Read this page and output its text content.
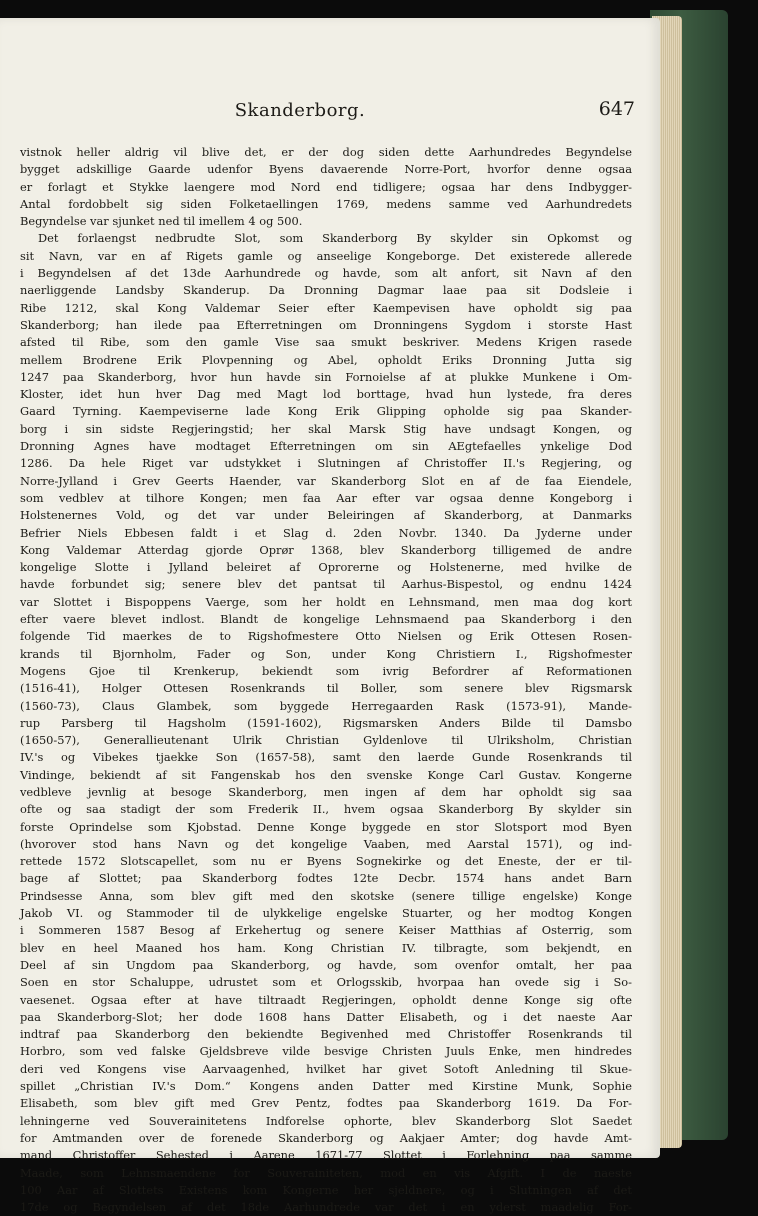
Skanderborg.	647
vistnok heller aldrig vil blive det, er der dog siden dette Aarhundredes Begyndelse
bygget adskillige Gaarde udenfor Byens davaerende Norre-Port, hvorfor denne ogsaa
er forlagt et Stykke laengere mod Nord end tidligere; ogsaa har dens Indbygger-
Antal fordobbelt sig siden Folketaellingen 1769, medens samme ved Aarhundredets
Begyndelse var sjunket ned til imellem 4 og 500.
Det forlaengst nedbrudte Slot, som Skanderborg By skylder sin Opkomst og
sit Navn, var en af Rigets gamle og anseelige Kongeborge. Det existerede allerede
i Begyndelsen af det 13de Aarhundrede og havde, som alt anfort, sit Navn af den
naerliggende Landsby Skanderup. Da Dronning Dagmar laae paa sit Dodsleie i
Ribe 1212, skal Kong Valdemar Seier efter Kaempevisen have opholdt sig paa
Skanderborg; han ilede paa Efterretningen om Dronningens Sygdom i storste Hast
afsted til Ribe, som den gamle Vise saa smukt beskriver. Medens Krigen rasede
mellem Brodrene Erik Plovpenning og Abel, opholdt Eriks Dronning Jutta sig
1247 paa Skanderborg, hvor hun havde sin Fornoielse af at plukke Munkene i Om-
Kloster, idet hun hver Dag med Magt lod borttage, hvad hun lystede, fra deres
Gaard Tyrning. Kaempeviserne lade Kong Erik Glipping opholde sig paa Skander-
borg i sin sidste Regjeringstid; her skal Marsk Stig have undsagt Kongen, og
Dronning Agnes have modtaget Efterretningen om sin AEgtefaelles ynkelige Dod
1286. Da hele Riget var udstykket i Slutningen af Christoffer II.'s Regjering, og
Norre-Jylland i Grev Geerts Haender, var Skanderborg Slot en af de faa Eiendele,
som vedblev at tilhore Kongen; men faa Aar efter var ogsaa denne Kongeborg i
Holstenernes Vold, og det var under Beleiringen af Skanderborg, at Danmarks
Befrier Niels Ebbesen faldt i et Slag d. 2den Novbr. 1340. Da Jyderne under
Kong Valdemar Atterdag gjorde Oprør 1368, blev Skanderborg tilligemed de andre
kongelige Slotte i Jylland beleiret af Oprorerne og Holstenerne, med hvilke de
havde forbundet sig; senere blev det pantsat til Aarhus-Bispestol, og endnu 1424
var Slottet i Bispoppens Vaerge, som her holdt en Lehnsmand, men maa dog kort
efter vaere blevet indlost. Blandt de kongelige Lehnsmaend paa Skanderborg i den
folgende Tid maerkes de to Rigshofmestere Otto Nielsen og Erik Ottesen Rosen-
krands til Bjornholm, Fader og Son, under Kong Christiern I., Rigshofmester
Mogens Gjoe til Krenkerup, bekiendt som ivrig Befordrer af Reformationen
(1516-41), Holger Ottesen Rosenkrands til Boller, som senere blev Rigsmarsk
(1560-73), Claus Glambek, som byggede Herregaarden Rask (1573-91), Mande-
rup Parsberg til Hagsholm (1591-1602), Rigsmarsken Anders Bilde til Damsbo
(1650-57), Generallieutenant Ulrik Christian Gyldenlove til Ulriksholm, Christian
IV.'s og Vibekes tjaekke Son (1657-58), samt den laerde Gunde Rosenkrands til
Vindinge, bekiendt af sit Fangenskab hos den svenske Konge Carl Gustav. Kongerne
vedbleve jevnlig at besoge Skanderborg, men ingen af dem har opholdt sig saa
ofte og saa stadigt der som Frederik II., hvem ogsaa Skanderborg By skylder sin
forste Oprindelse som Kjobstad. Denne Konge byggede en stor Slotsport mod Byen
(hvorover stod hans Navn og det kongelige Vaaben, med Aarstal 1571), og ind-
rettede 1572 Slotscapellet, som nu er Byens Sognekirke og det Eneste, der er til-
bage af Slottet; paa Skanderborg fodtes 12te Decbr. 1574 hans andet Barn
Prindsesse Anna, som blev gift med den skotske (senere tillige engelske) Konge
Jakob VI. og Stammoder til de ulykkelige engelske Stuarter, og her modtog Kongen
i Sommeren 1587 Besog af Erkehertug og senere Keiser Matthias af Osterrig, som
blev en heel Maaned hos ham. Kong Christian IV. tilbragte, som bekjendt, en
Deel af sin Ungdom paa Skanderborg, og havde, som ovenfor omtalt, her paa
Soen en stor Schaluppe, udrustet som et Orlogsskib, hvorpaa han ovede sig i So-
vaesenet. Ogsaa efter at have tiltraadt Regjeringen, opholdt denne Konge sig ofte
paa Skanderborg-Slot; her dode 1608 hans Datter Elisabeth, og i det naeste Aar
indtraf paa Skanderborg den bekiendte Begivenhed med Christoffer Rosenkrands til
Horbro, som ved falske Gjeldsbreve vilde besvige Christen Juuls Enke, men hindredes
deri ved Kongens vise Aarvaagenhed, hvilket har givet Sotoft Anledning til Skue-
spillet „Christian IV.'s Dom.“ Kongens anden Datter med Kirstine Munk, Sophie
Elisabeth, som blev gift med Grev Pentz, fodtes paa Skanderborg 1619. Da For-
lehningerne ved Souverainitetens Indforelse ophorte, blev Skanderborg Slot Saedet
for Amtmanden over de forenede Skanderborg og Aakjaer Amter; dog havde Amt-
mand Christoffer Sehested i Aarene 1671-77 Slottet i Forlehning paa samme
Maade, som Lehnsmaendene for Souverainiteten, mod en vis Afgift. I de naeste
100 Aar af Slottets Existens kom Kongerne her sjeldnere, og i Slutningen af det
17de og Begyndelsen af det 18de Aarhundrede var det i en yderst maadelig For-
